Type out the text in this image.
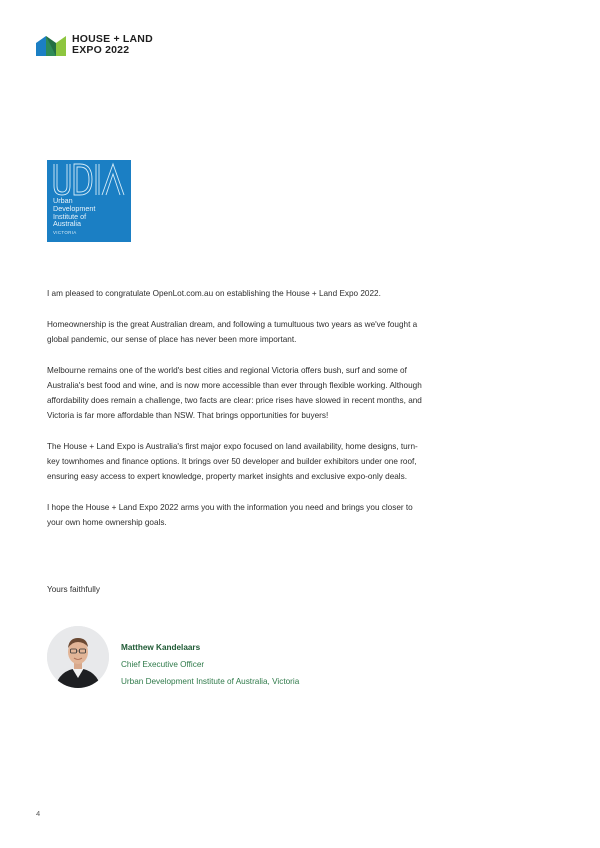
HOUSE + LAND
EXPO 2022
Urban
Development
Institute of
Australia
VICTORIA

I am pleased to congratulate OpenLot.com.au on establishing the House + Land Expo 2022.

Homeownership is the great Australian dream, and following a tumultuous two years as we've fought a global pandemic, our sense of place has never been more important.

Melbourne remains one of the world's best cities and regional Victoria offers bush, surf and some of Australia's best food and wine, and is now more accessible than ever through flexible working. Although affordability does remain a challenge, two facts are clear: price rises have slowed in recent months, and Victoria is far more affordable than NSW. That brings opportunities for buyers!

The House + Land Expo is Australia's first major expo focused on land availability, home designs, turn-key townhomes and finance options. It brings over 50 developer and builder exhibitors under one roof, ensuring easy access to expert knowledge, property market insights and exclusive expo-only deals.

I hope the House + Land Expo 2022 arms you with the information you need and brings you closer to your own home ownership goals.

Yours faithfully
Matthew Kandelaars
Chief Executive Officer
Urban Development Institute of Australia, Victoria
4
